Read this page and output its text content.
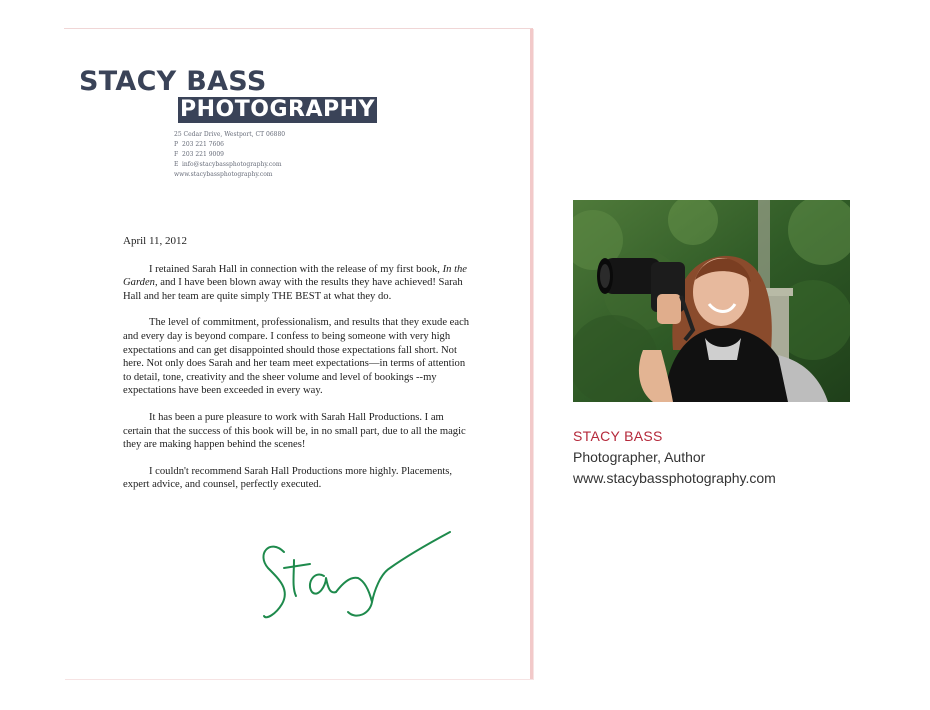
STACY BASS
PHOTOGRAPHY
25 Cedar Drive, Westport, CT 06880
P 203 221 7606
F 203 221 9009
E info@stacybassphotography.com
www.stacybassphotography.com
April 11, 2012

I retained Sarah Hall in connection with the release of my first book, In the Garden, and I have been blown away with the results they have achieved! Sarah Hall and her team are quite simply THE BEST at what they do.

The level of commitment, professionalism, and results that they exude each and every day is beyond compare. I confess to being someone with very high expectations and can get disappointed should those expectations fall short. Not here. Not only does Sarah and her team meet expectations—in terms of attention to detail, tone, creativity and the sheer volume and level of bookings --my expectations have been exceeded in every way.

It has been a pure pleasure to work with Sarah Hall Productions. I am certain that the success of this book will be, in no small part, due to all the magic they are making happen behind the scenes!

I couldn't recommend Sarah Hall Productions more highly. Placements, expert advice, and counsel, perfectly executed.

STACY BASS
Photographer, Author
www.stacybassphotography.com
